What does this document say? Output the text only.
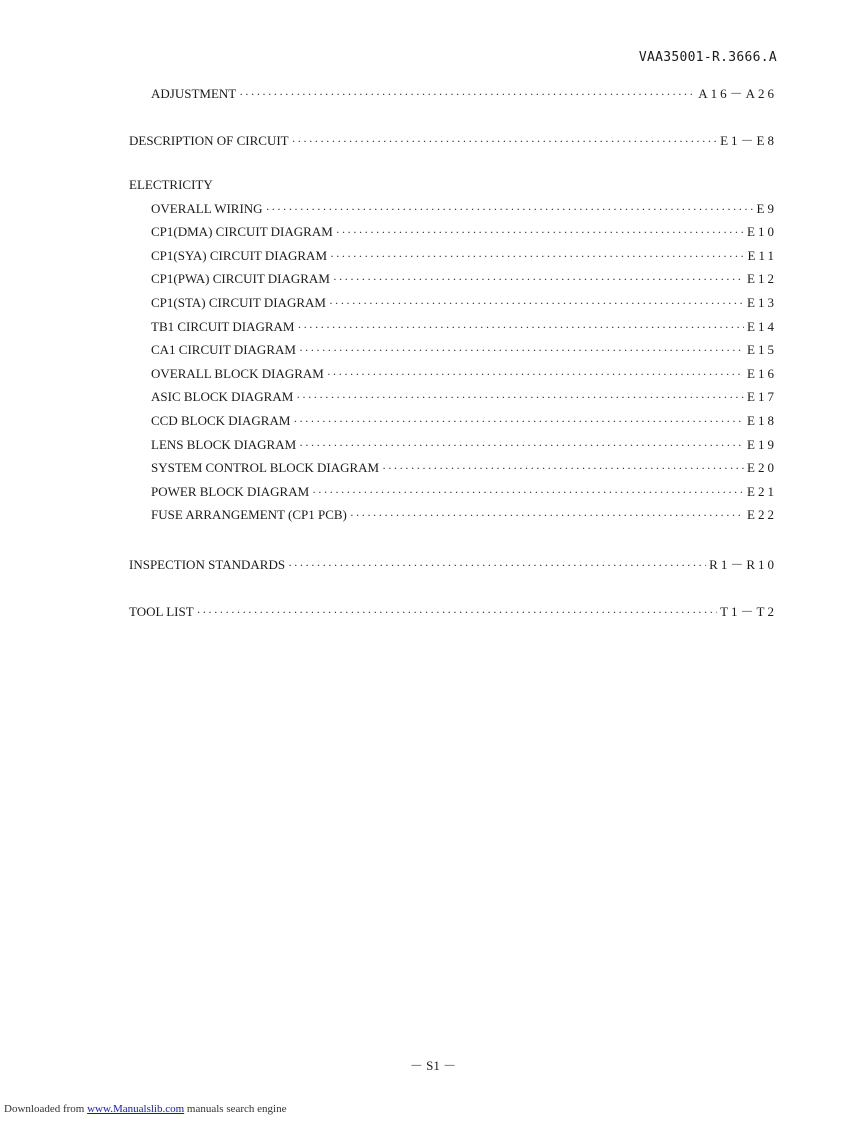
VAA35001-R.3666.A
ADJUSTMENT ·····	A16－A26
DESCRIPTION OF CIRCUIT ·····	E1－E8
ELECTRICITY
OVERALL WIRING ·····	E9
CP1(DMA) CIRCUIT DIAGRAM ·····	E10
CP1(SYA) CIRCUIT DIAGRAM ·····	E11
CP1(PWA) CIRCUIT DIAGRAM ·····	E12
CP1(STA) CIRCUIT DIAGRAM ·····	E13
TB1 CIRCUIT DIAGRAM ·····	E14
CA1 CIRCUIT DIAGRAM ·····	E15
OVERALL BLOCK DIAGRAM ·····	E16
ASIC BLOCK DIAGRAM ·····	E17
CCD BLOCK DIAGRAM ·····	E18
LENS BLOCK DIAGRAM ·····	E19
SYSTEM CONTROL BLOCK DIAGRAM ·····	E20
POWER BLOCK DIAGRAM ·····	E21
FUSE ARRANGEMENT (CP1 PCB) ·····	E22
INSPECTION STANDARDS ·····	R1－R10
TOOL LIST ·····	T1－T2
－ S1 －
Downloaded from www.Manualslib.com manuals search engine
